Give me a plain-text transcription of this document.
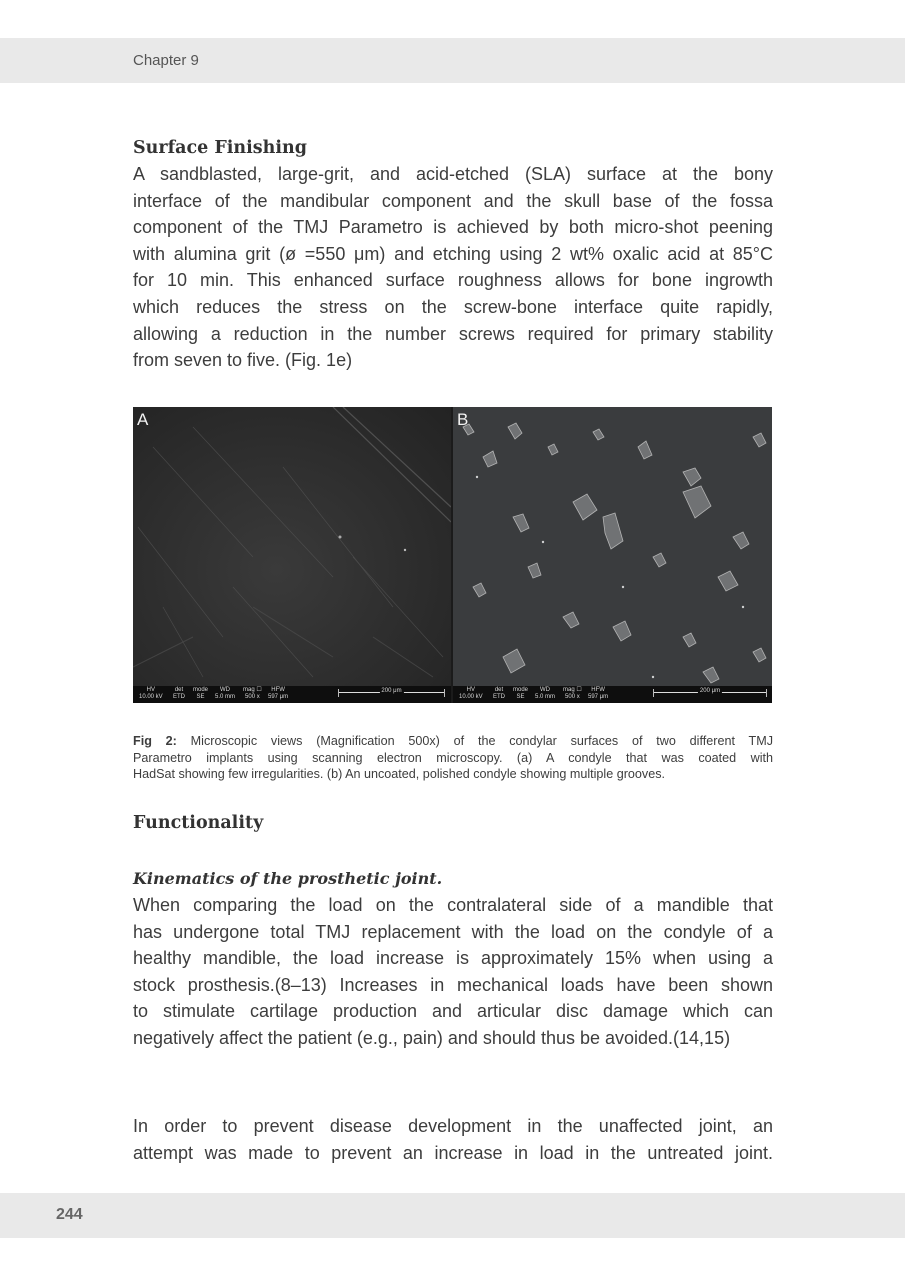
Chapter 9
Surface Finishing
A sandblasted, large-grit, and acid-etched (SLA) surface at the bony
interface of the mandibular component and the skull base of the fossa
component of the TMJ Parametro is achieved by both micro-shot peening
with alumina grit (ø =550 μm) and etching using 2 wt% oxalic acid at 85°C
for 10 min. This enhanced surface roughness allows for bone ingrowth
which reduces the stress on the screw-bone interface quite rapidly,
allowing a reduction in the number screws required for primary stability
from seven to five. (Fig. 1e)
A
HV
10.00 kV
det
ETD
mode
SE
WD
5.0 mm
mag ☐
500 x
HFW
597 μm
200 μm
B
HV
10.00 kV
det
ETD
mode
SE
WD
5.0 mm
mag ☐
500 x
HFW
597 μm
200 μm
Fig 2: Microscopic views (Magnification 500x) of the condylar surfaces of two different TMJ
Parametro implants using scanning electron microscopy. (a) A condyle that was coated with
HadSat showing few irregularities. (b) An uncoated, polished condyle showing multiple grooves.
Functionality
Kinematics of the prosthetic joint.
When comparing the load on the contralateral side of a mandible that
has undergone total TMJ replacement with the load on the condyle of a
healthy mandible, the load increase is approximately 15% when using a
stock prosthesis.(8–13) Increases in mechanical loads have been shown
to stimulate cartilage production and articular disc damage which can
negatively affect the patient (e.g., pain) and should thus be avoided.(14,15)
In order to prevent disease development in the unaffected joint, an
attempt was made to prevent an increase in load in the untreated joint.
244
